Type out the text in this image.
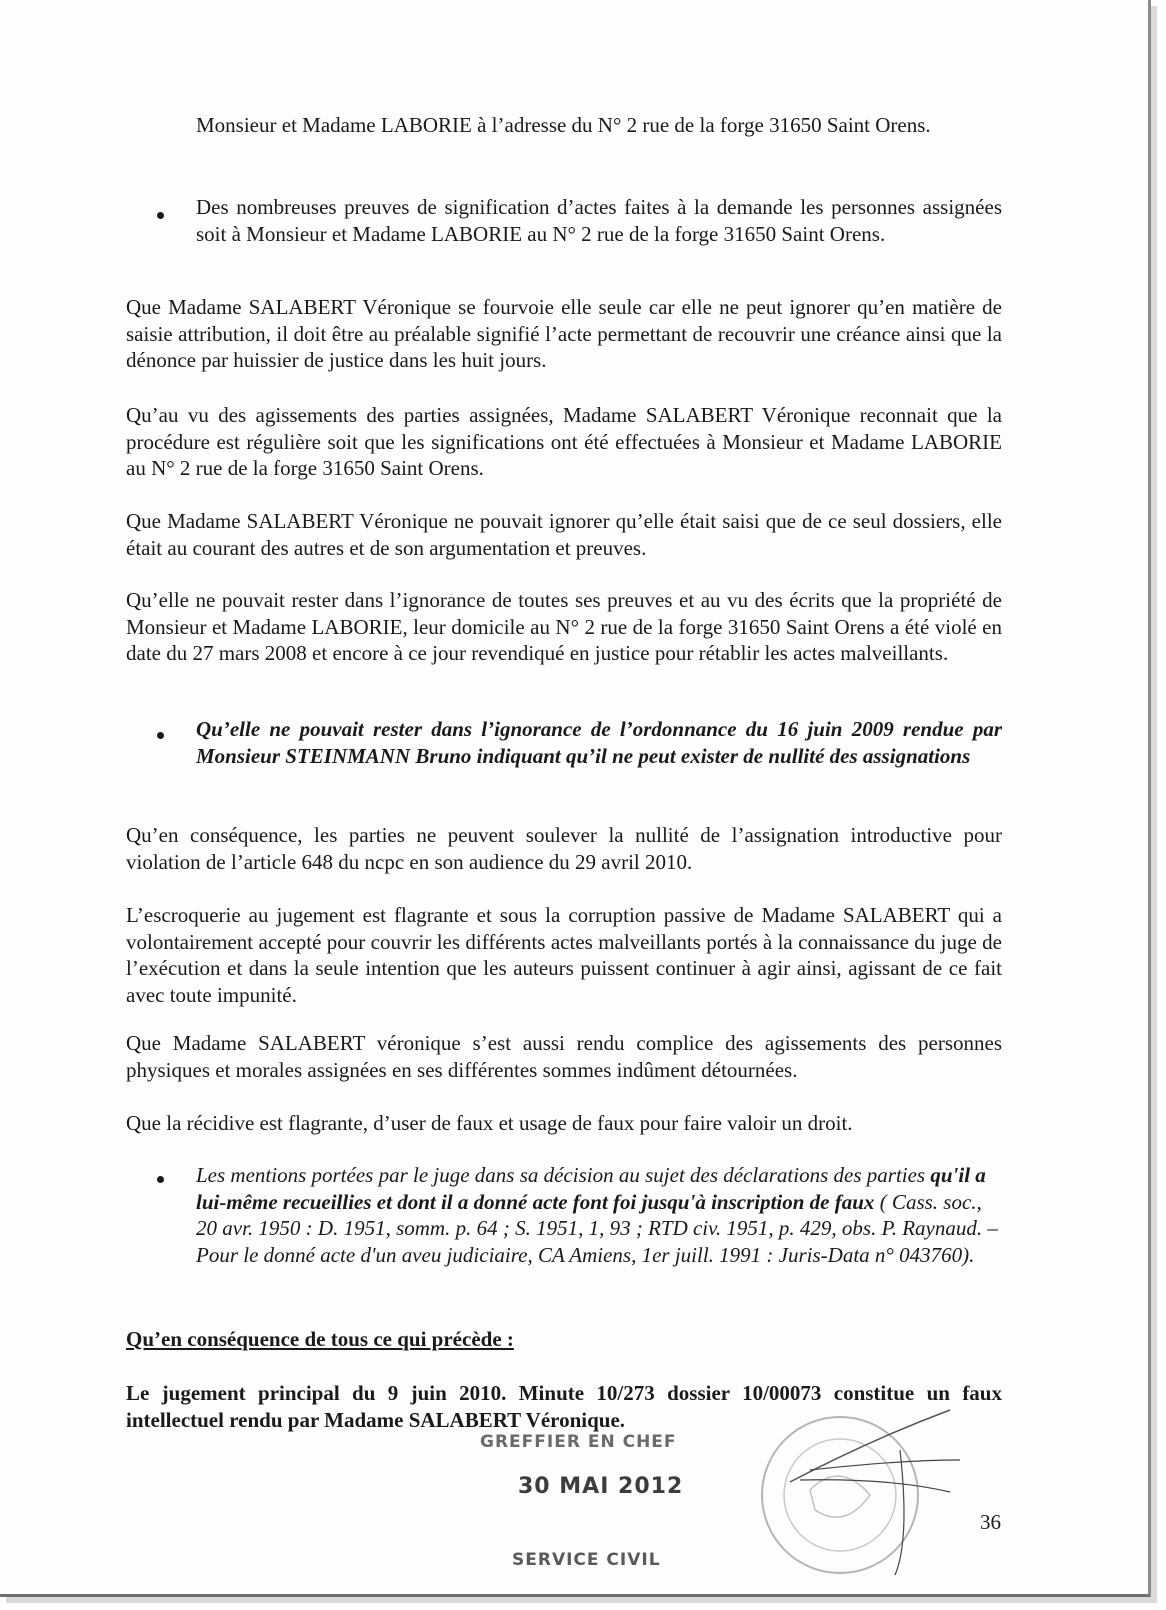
Monsieur et Madame LABORIE à l’adresse du N° 2 rue de la forge 31650 Saint Orens.
Des nombreuses preuves de signification d’actes faites à la demande les personnes assignées soit à Monsieur et Madame LABORIE au N° 2 rue de la forge 31650 Saint Orens.
Que Madame SALABERT Véronique se fourvoie elle seule car elle ne peut ignorer qu’en matière de saisie attribution, il doit être au préalable signifié l’acte permettant de recouvrir une créance ainsi que la dénonce par huissier de justice dans les huit jours.
Qu’au vu des agissements des parties assignées, Madame SALABERT Véronique reconnait que la procédure est régulière soit que les significations ont été effectuées à Monsieur et Madame LABORIE au N° 2 rue de la forge 31650 Saint Orens.
Que Madame SALABERT Véronique ne pouvait ignorer qu’elle était saisi que de ce seul dossiers, elle était au courant des autres et de son argumentation et preuves.
Qu’elle ne pouvait rester dans l’ignorance de toutes ses preuves et au vu des écrits que la propriété de Monsieur et Madame LABORIE, leur domicile au N° 2 rue de la forge 31650 Saint Orens a été violé en date du 27 mars 2008 et encore à ce jour revendiqué en justice pour rétablir les actes malveillants.
Qu’elle ne pouvait rester dans l’ignorance de l’ordonnance du 16 juin 2009 rendue par Monsieur STEINMANN Bruno indiquant qu’il ne peut exister de nullité des assignations
Qu’en conséquence, les parties ne peuvent soulever la nullité de l’assignation introductive pour violation de l’article 648 du ncpc en son audience du 29 avril 2010.
L’escroquerie au jugement est flagrante et sous la corruption passive de Madame SALABERT qui a volontairement accepté pour couvrir les différents actes malveillants portés à la connaissance du juge de l’exécution et dans la seule intention que les auteurs puissent continuer à agir ainsi, agissant de ce fait avec toute impunité.
Que Madame SALABERT véronique s’est aussi rendu complice des agissements des personnes physiques et morales assignées en ses différentes sommes indûment détournées.
Que la récidive est flagrante, d’user de faux et usage de faux pour faire valoir un droit.
Les mentions portées par le juge dans sa décision au sujet des déclarations des parties qu'il a lui-même recueillies et dont il a donné acte font foi jusqu'à inscription de faux ( Cass. soc., 20 avr. 1950 : D. 1951, somm. p. 64 ; S. 1951, 1, 93 ; RTD civ. 1951, p. 429, obs. P. Raynaud. – Pour le donné acte d'un aveu judiciaire, CA Amiens, 1er juill. 1991 : Juris-Data n° 043760).
Qu’en conséquence de tous ce qui précède :
Le jugement principal du 9 juin 2010. Minute 10/273 dossier 10/00073 constitue un faux intellectuel rendu par Madame SALABERT Véronique.
GREFFIER EN CHEF
30 MAI 2012
SERVICE CIVIL
36
